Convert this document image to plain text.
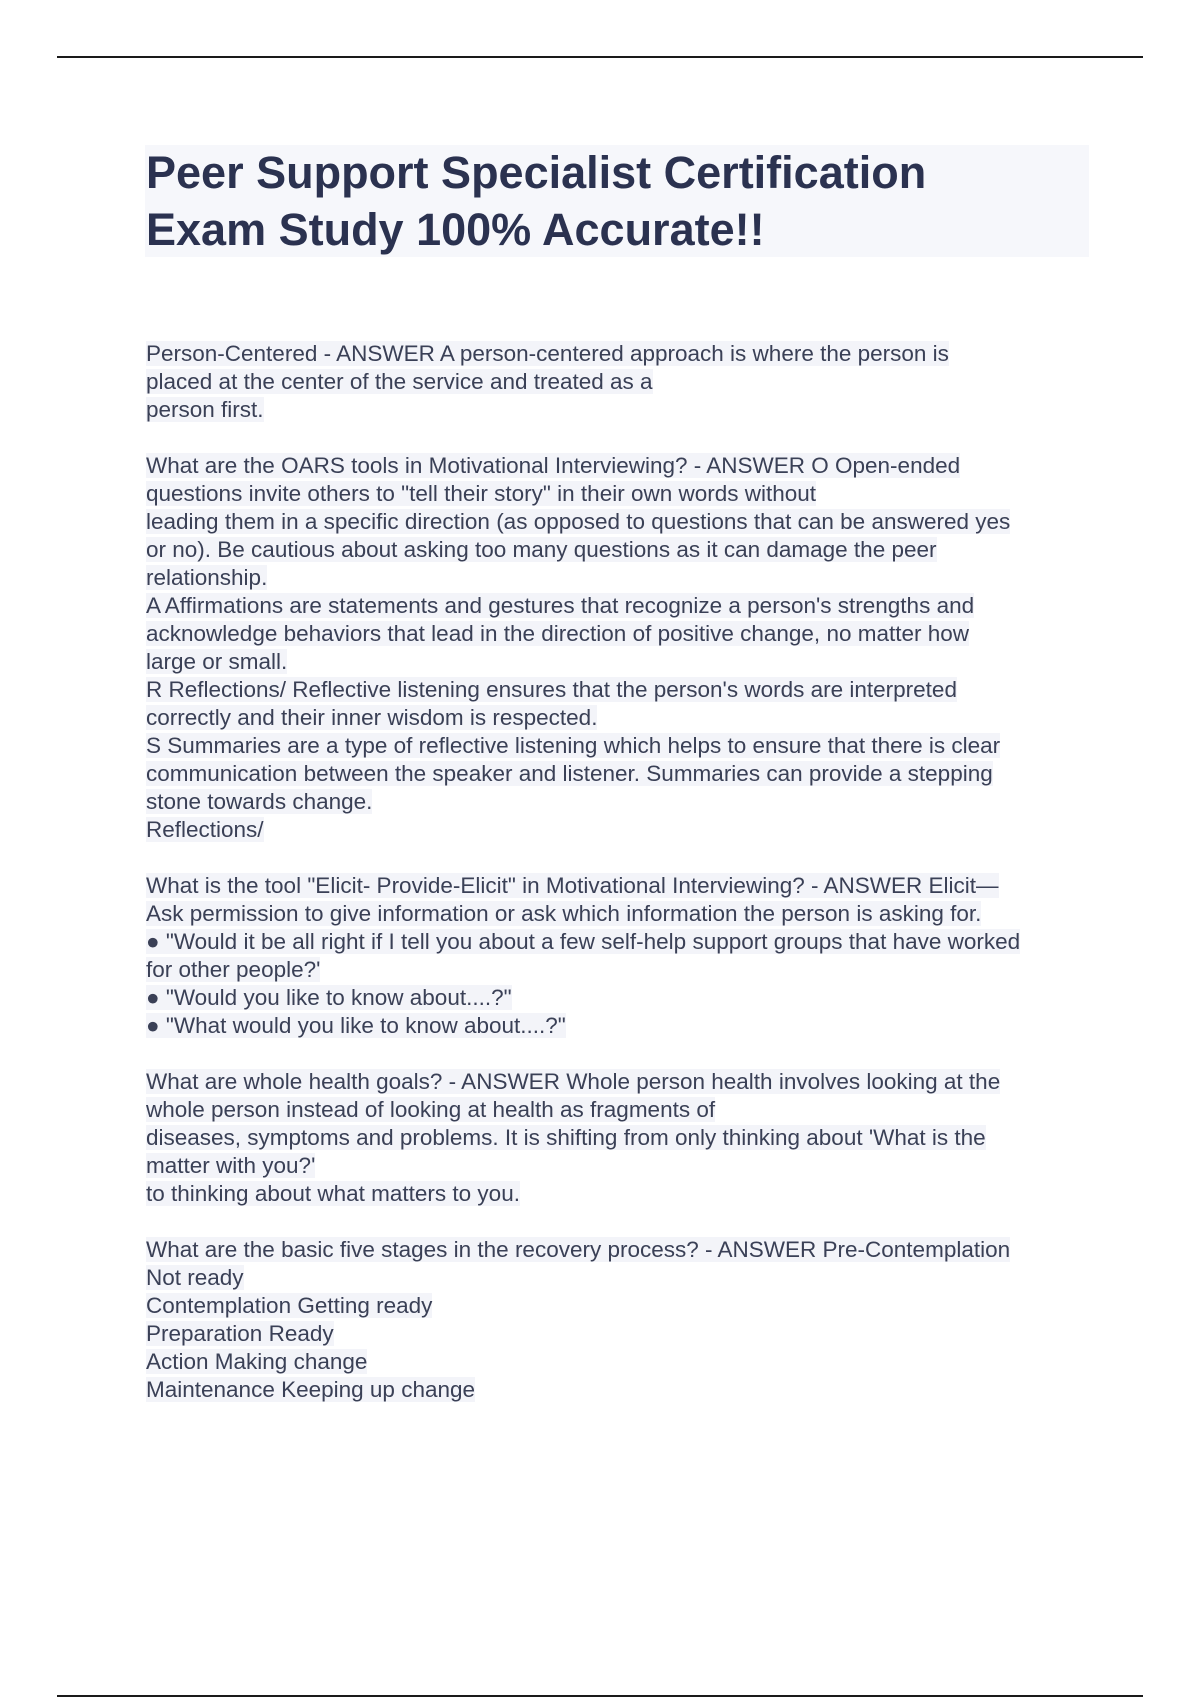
Peer Support Specialist Certification
Exam Study 100% Accurate!!
Person-Centered - ANSWER A person-centered approach is where the person is
placed at the center of the service and treated as a
person first.
What are the OARS tools in Motivational Interviewing? - ANSWER O Open-ended
questions invite others to "tell their story" in their own words without
leading them in a specific direction (as opposed to questions that can be answered yes
or no). Be cautious about asking too many questions as it can damage the peer
relationship.
A Affirmations are statements and gestures that recognize a person's strengths and
acknowledge behaviors that lead in the direction of positive change, no matter how
large or small.
R Reflections/ Reflective listening ensures that the person's words are interpreted
correctly and their inner wisdom is respected.
S Summaries are a type of reflective listening which helps to ensure that there is clear
communication between the speaker and listener. Summaries can provide a stepping
stone towards change.
Reflections/
What is the tool "Elicit- Provide-Elicit" in Motivational Interviewing? - ANSWER Elicit—
Ask permission to give information or ask which information the person is asking for.
● "Would it be all right if I tell you about a few self-help support groups that have worked
for other people?'
● "Would you like to know about....?"
● "What would you like to know about....?"
What are whole health goals? - ANSWER Whole person health involves looking at the
whole person instead of looking at health as fragments of
diseases, symptoms and problems. It is shifting from only thinking about 'What is the
matter with you?'
to thinking about what matters to you.
What are the basic five stages in the recovery process? - ANSWER Pre-Contemplation
Not ready
Contemplation Getting ready
Preparation Ready
Action Making change
Maintenance Keeping up change
